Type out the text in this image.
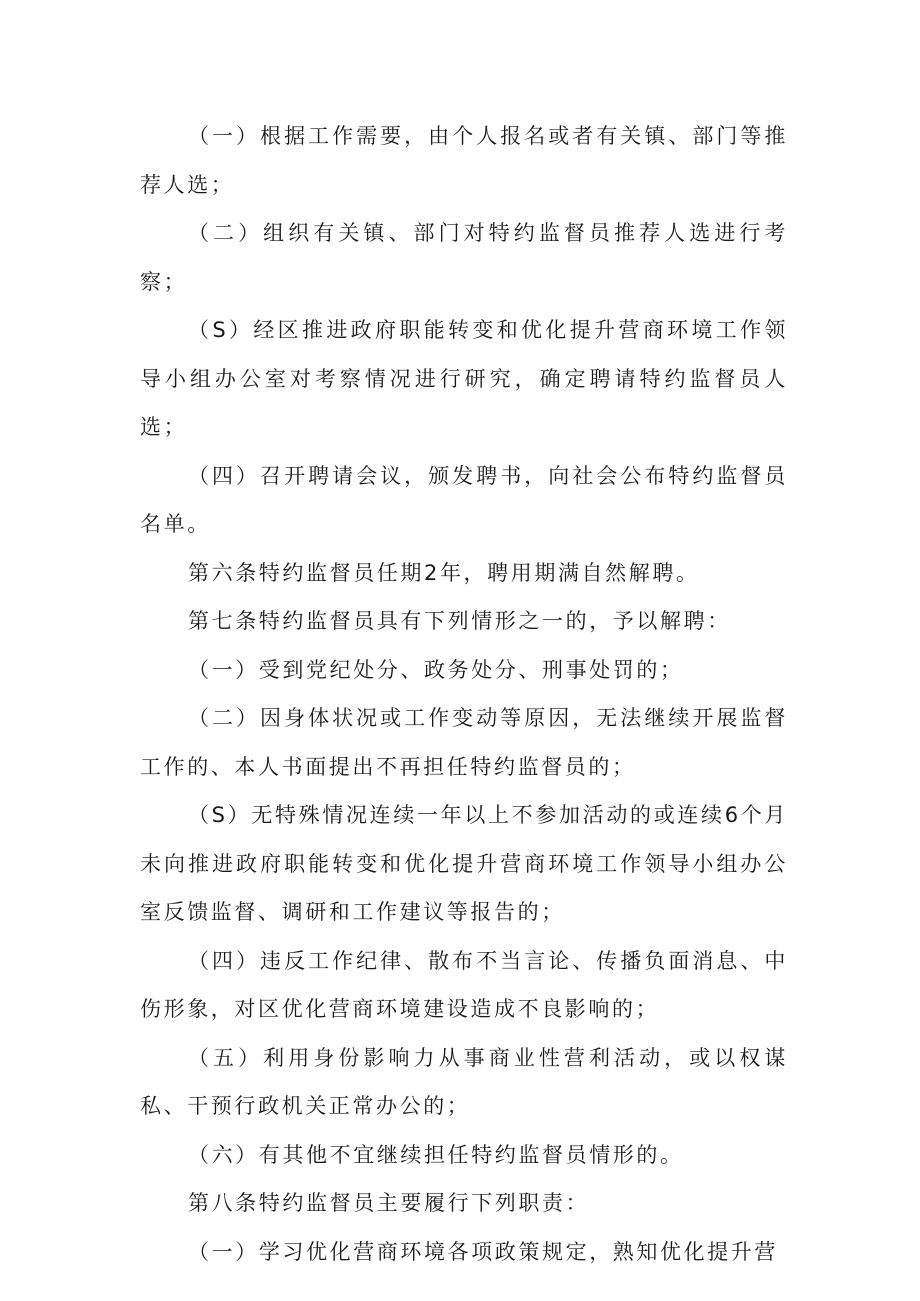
（一）根据工作需要，由个人报名或者有关镇、部门等推荐人选；

（二）组织有关镇、部门对特约监督员推荐人选进行考察；

（S）经区推进政府职能转变和优化提升营商环境工作领导小组办公室对考察情况进行研究，确定聘请特约监督员人选；

（四）召开聘请会议，颁发聘书，向社会公布特约监督员名单。

第六条特约监督员任期2年，聘用期满自然解聘。

第七条特约监督员具有下列情形之一的，予以解聘：

（一）受到党纪处分、政务处分、刑事处罚的；

（二）因身体状况或工作变动等原因，无法继续开展监督工作的、本人书面提出不再担任特约监督员的；

（S）无特殊情况连续一年以上不参加活动的或连续6个月未向推进政府职能转变和优化提升营商环境工作领导小组办公室反馈监督、调研和工作建议等报告的；

（四）违反工作纪律、散布不当言论、传播负面消息、中伤形象，对区优化营商环境建设造成不良影响的；

（五）利用身份影响力从事商业性营利活动，或以权谋私、干预行政机关正常办公的；

（六）有其他不宜继续担任特约监督员情形的。

第八条特约监督员主要履行下列职责：

（一）学习优化营商环境各项政策规定，熟知优化提升营
